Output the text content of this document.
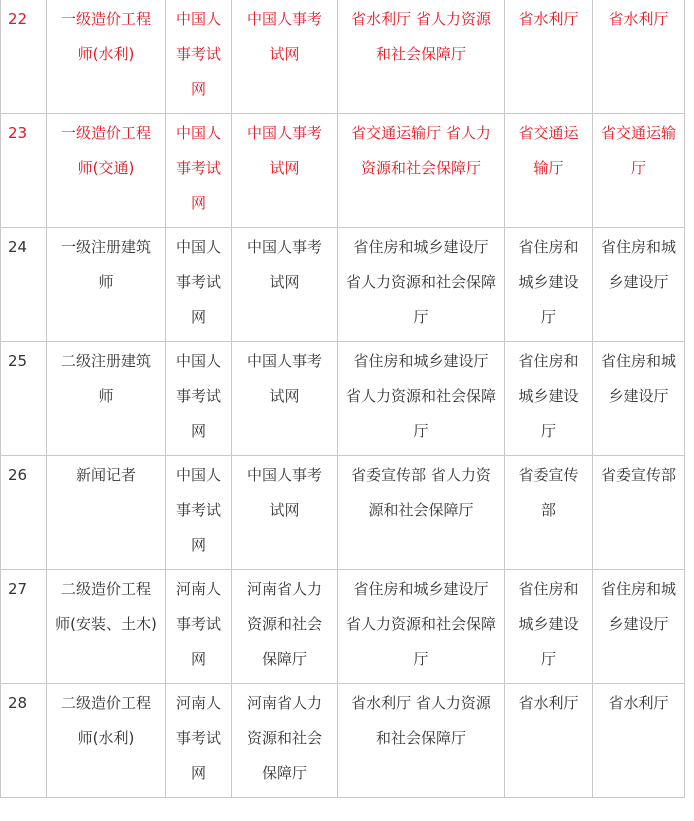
22	一级造价工程师(水利)	中国人事考试网	中国人事考试网	省水利厅 省人力资源和社会保障厅	省水利厅	省水利厅
23	一级造价工程师(交通)	中国人事考试网	中国人事考试网	省交通运输厅 省人力资源和社会保障厅	省交通运输厅	省交通运输厅
24	一级注册建筑师	中国人事考试网	中国人事考试网	省住房和城乡建设厅 省人力资源和社会保障厅	省住房和城乡建设厅	省住房和城乡建设厅
25	二级注册建筑师	中国人事考试网	中国人事考试网	省住房和城乡建设厅 省人力资源和社会保障厅	省住房和城乡建设厅	省住房和城乡建设厅
26	新闻记者	中国人事考试网	中国人事考试网	省委宣传部 省人力资源和社会保障厅	省委宣传部	省委宣传部
27	二级造价工程师(安装、土木)	河南人事考试网	河南省人力资源和社会保障厅	省住房和城乡建设厅 省人力资源和社会保障厅	省住房和城乡建设厅	省住房和城乡建设厅
28	二级造价工程师(水利)	河南人事考试网	河南省人力资源和社会保障厅	省水利厅 省人力资源和社会保障厅	省水利厅	省水利厅
